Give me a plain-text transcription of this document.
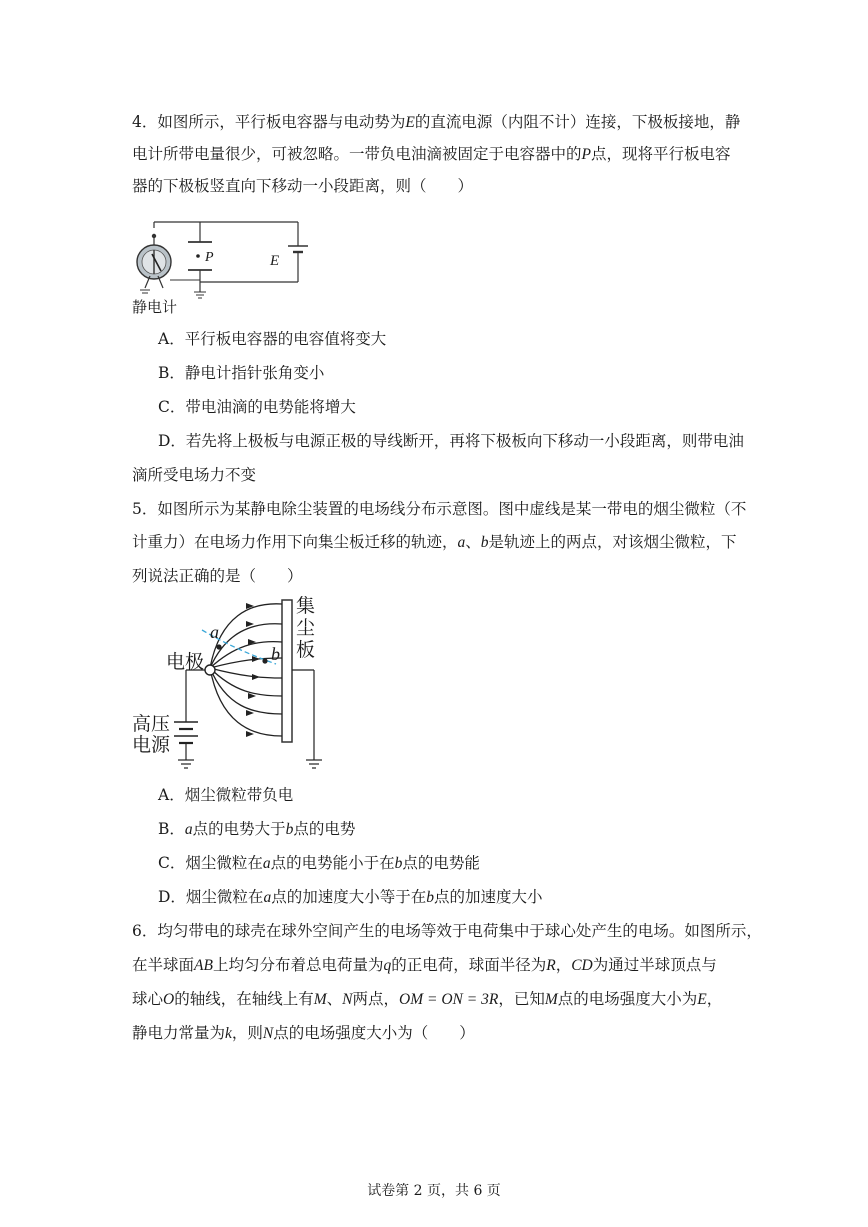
4．如图所示，平行板电容器与电动势为E的直流电源（内阻不计）连接，下极板接地，静
电计所带电量很少，可被忽略。一带负电油滴被固定于电容器中的P点，现将平行板电容
器的下极板竖直向下移动一小段距离，则（　　）
P	E
静电计
A．平行板电容器的电容值将变大
B．静电计指针张角变小
C．带电油滴的电势能将增大
D．若先将上极板与电源正极的导线断开，再将下极板向下移动一小段距离，则带电油
滴所受电场力不变
5．如图所示为某静电除尘装置的电场线分布示意图。图中虚线是某一带电的烟尘微粒（不
计重力）在电场力作用下向集尘板迁移的轨迹，a、b是轨迹上的两点，对该烟尘微粒，下
列说法正确的是（　　）
a
b
电极
高压
电源
集
尘
板
A．烟尘微粒带负电
B．a点的电势大于b点的电势
C．烟尘微粒在a点的电势能小于在b点的电势能
D．烟尘微粒在a点的加速度大小等于在b点的加速度大小
6．均匀带电的球壳在球外空间产生的电场等效于电荷集中于球心处产生的电场。如图所示，
在半球面AB上均匀分布着总电荷量为q的正电荷，球面半径为R，CD为通过半球顶点与
球心O的轴线，在轴线上有M、N两点，OM = ON = 3R，已知M点的电场强度大小为E，
静电力常量为k，则N点的电场强度大小为（　　）
试卷第 2 页，共 6 页
